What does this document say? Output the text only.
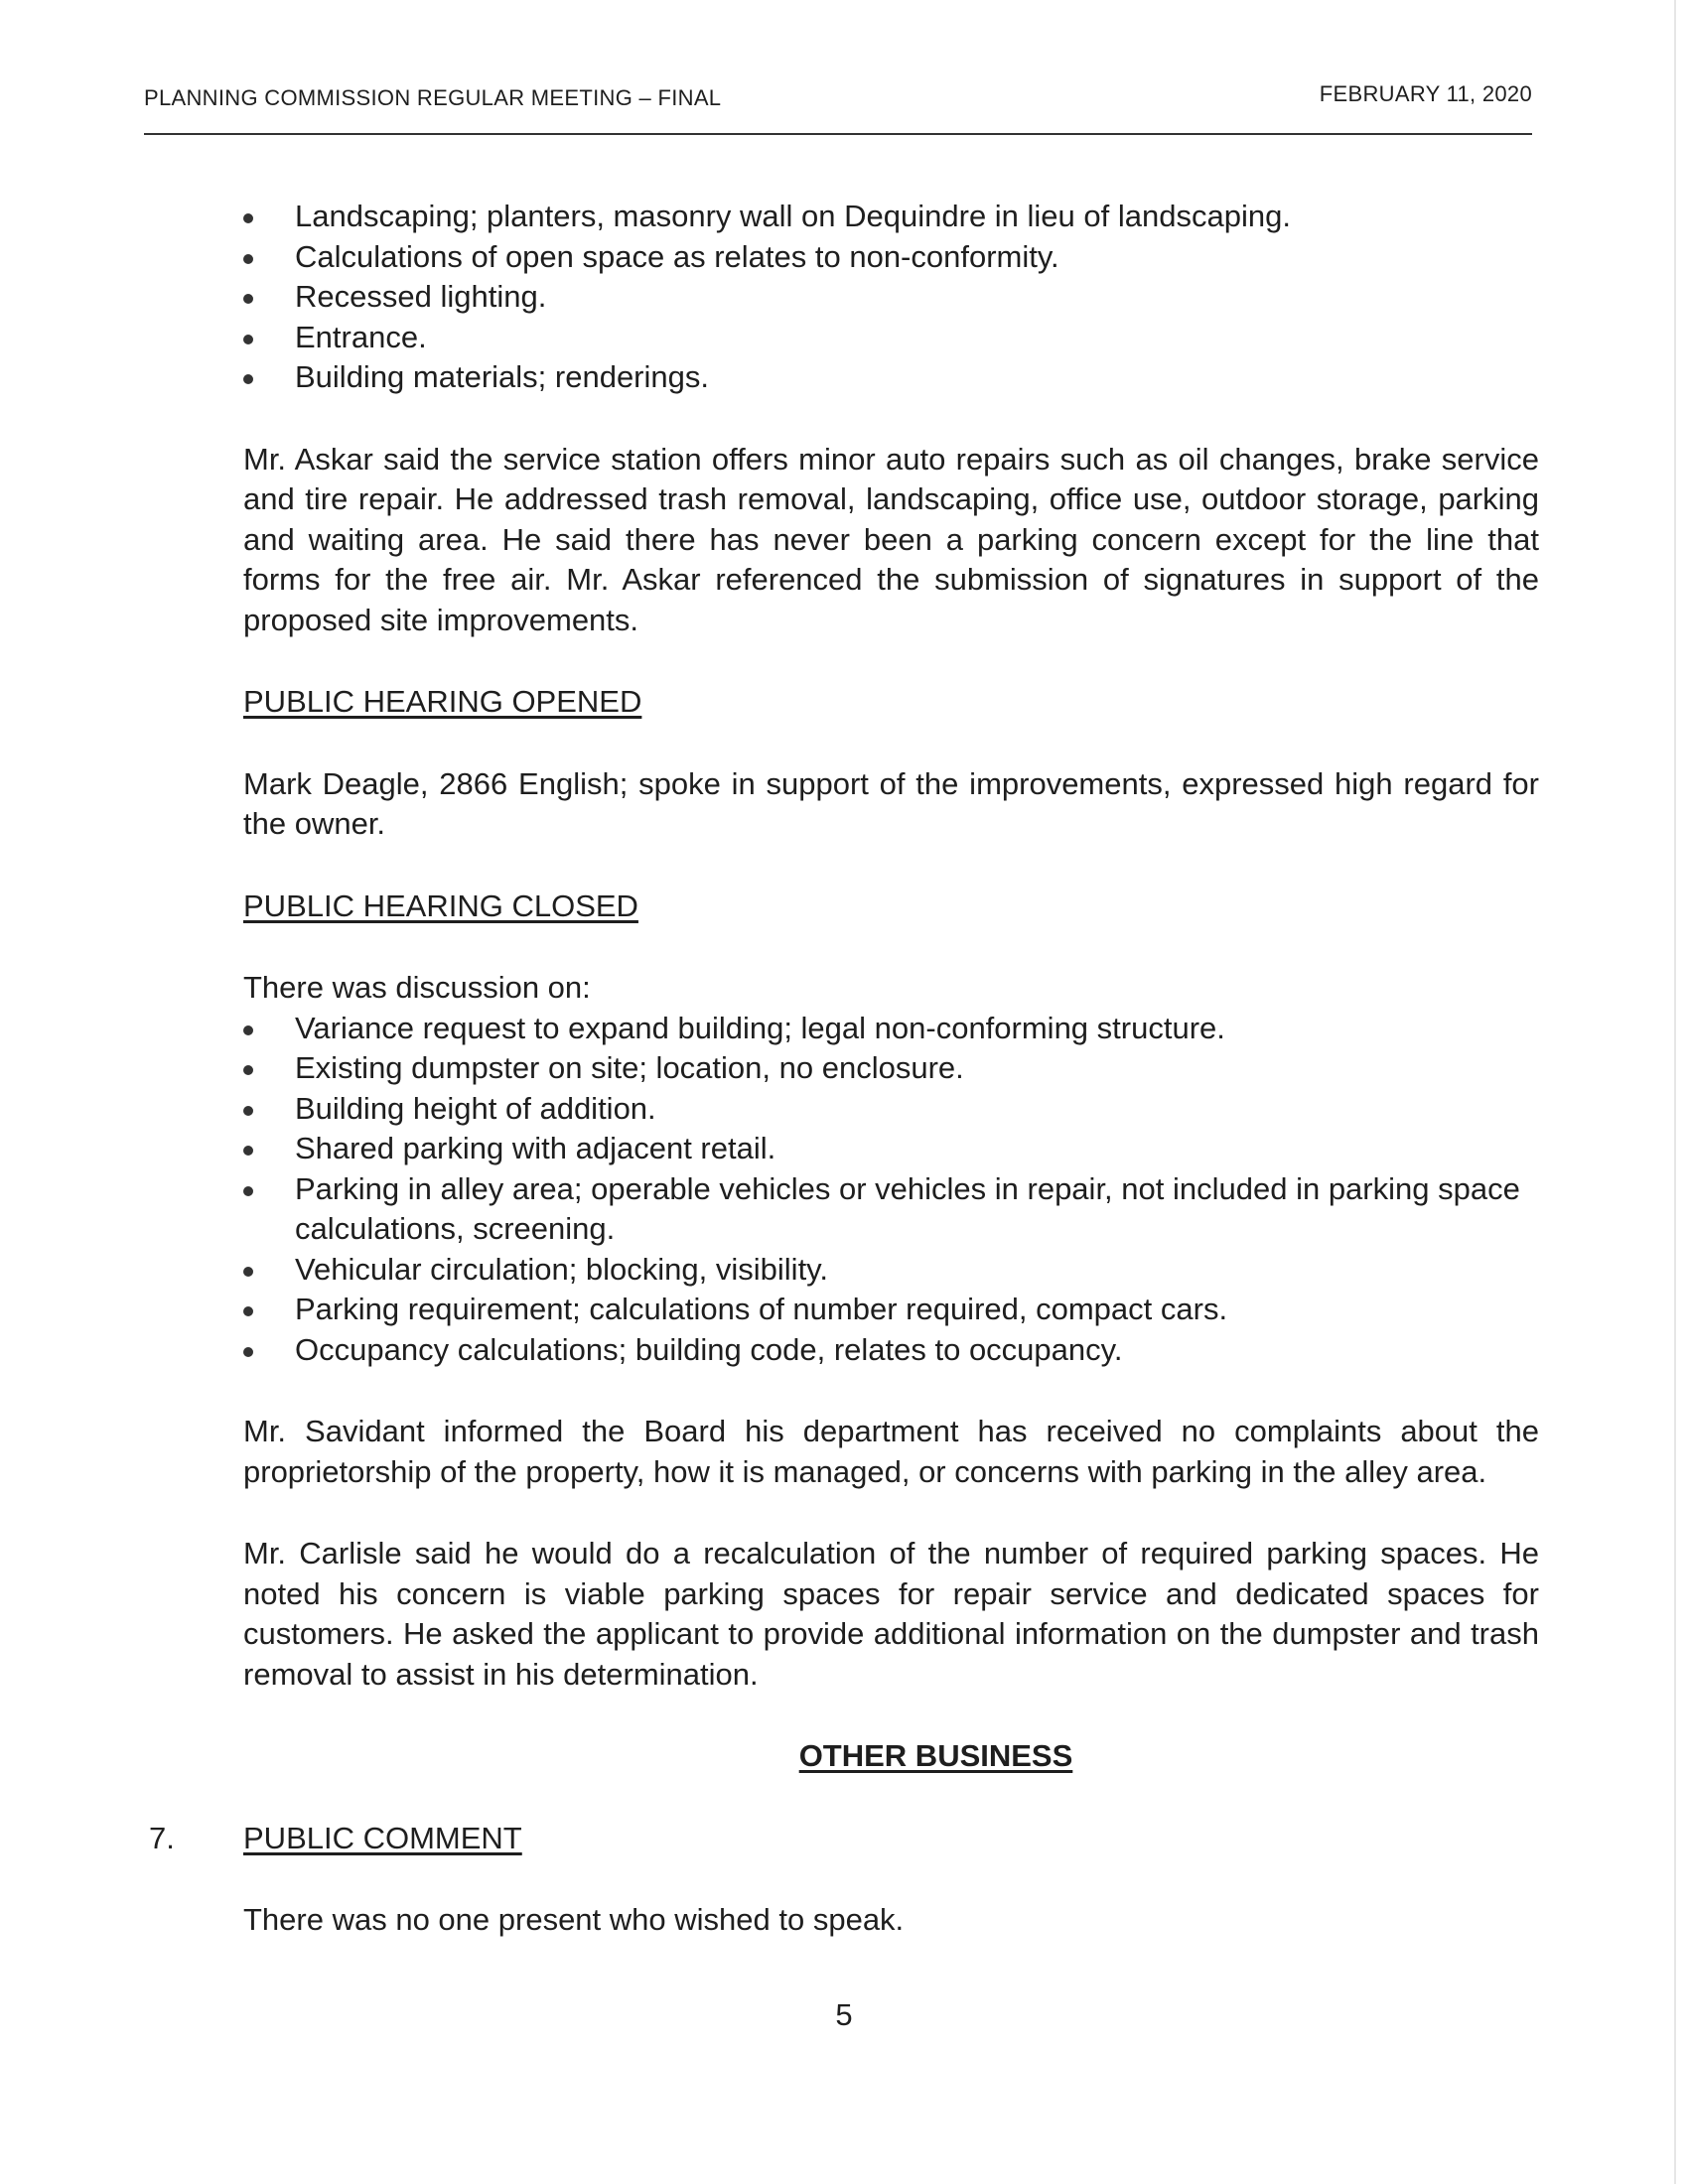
PLANNING COMMISSION REGULAR MEETING – FINAL	FEBRUARY 11, 2020
Landscaping; planters, masonry wall on Dequindre in lieu of landscaping.
Calculations of open space as relates to non-conformity.
Recessed lighting.
Entrance.
Building materials; renderings.

Mr. Askar said the service station offers minor auto repairs such as oil changes, brake service and tire repair. He addressed trash removal, landscaping, office use, outdoor storage, parking and waiting area. He said there has never been a parking concern except for the line that forms for the free air. Mr. Askar referenced the submission of signatures in support of the proposed site improvements.

PUBLIC HEARING OPENED

Mark Deagle, 2866 English; spoke in support of the improvements, expressed high regard for the owner.

PUBLIC HEARING CLOSED

There was discussion on:

Variance request to expand building; legal non-conforming structure.
Existing dumpster on site; location, no enclosure.
Building height of addition.
Shared parking with adjacent retail.
Parking in alley area; operable vehicles or vehicles in repair, not included in parking space calculations, screening.
Vehicular circulation; blocking, visibility.
Parking requirement; calculations of number required, compact cars.
Occupancy calculations; building code, relates to occupancy.

Mr. Savidant informed the Board his department has received no complaints about the proprietorship of the property, how it is managed, or concerns with parking in the alley area.

Mr. Carlisle said he would do a recalculation of the number of required parking spaces. He noted his concern is viable parking spaces for repair service and dedicated spaces for customers. He asked the applicant to provide additional information on the dumpster and trash removal to assist in his determination.

OTHER BUSINESS

7. PUBLIC COMMENT

There was no one present who wished to speak.

5
